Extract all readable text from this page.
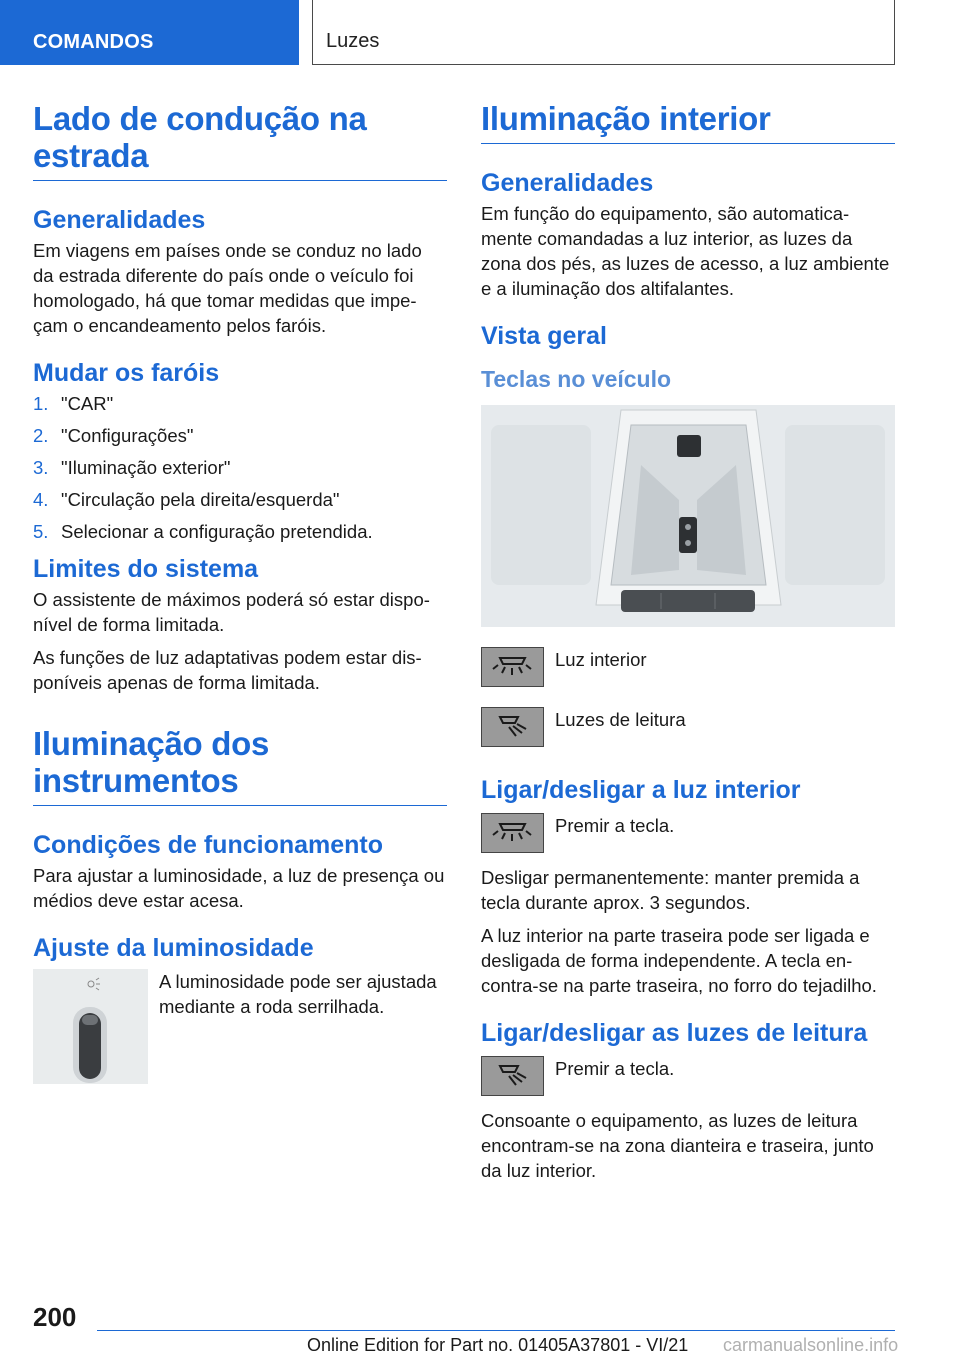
COMANDOS	Luzes
Lado de condução na estrada
Generalidades

Em viagens em países onde se conduz no lado da estrada diferente do país onde o veículo foi homologado, há que tomar medidas que impe-çam o encandeamento pelos faróis.

Mudar os faróis
1. "CAR"
2. "Configurações"
3. "Iluminação exterior"
4. "Circulação pela direita/esquerda"
5. Selecionar a configuração pretendida.
Limites do sistema

O assistente de máximos poderá só estar dispo-nível de forma limitada.

As funções de luz adaptativas podem estar dis-poníveis apenas de forma limitada.

Iluminação dos instrumentos
Condições de funcionamento

Para ajustar a luminosidade, a luz de presença ou médios deve estar acesa.

Ajuste da luminosidade

A luminosidade pode ser ajustada mediante a roda serrilhada.

Iluminação interior
Generalidades

Em função do equipamento, são automatica-mente comandadas a luz interior, as luzes da zona dos pés, as luzes de acesso, a luz ambiente e a iluminação dos altifalantes.

Vista geral
Teclas no veículo
Luz interior
Luzes de leitura
Ligar/desligar a luz interior
Premir a tecla.

Desligar permanentemente: manter premida a tecla durante aprox. 3 segundos.

A luz interior na parte traseira pode ser ligada e desligada de forma independente. A tecla en-contra-se na parte traseira, no forro do tejadilho.

Ligar/desligar as luzes de leitura
Premir a tecla.

Consoante o equipamento, as luzes de leitura encontram-se na zona dianteira e traseira, junto da luz interior.

200
Online Edition for Part no. 01405A37801 - VI/21 carmanualsonline.info
